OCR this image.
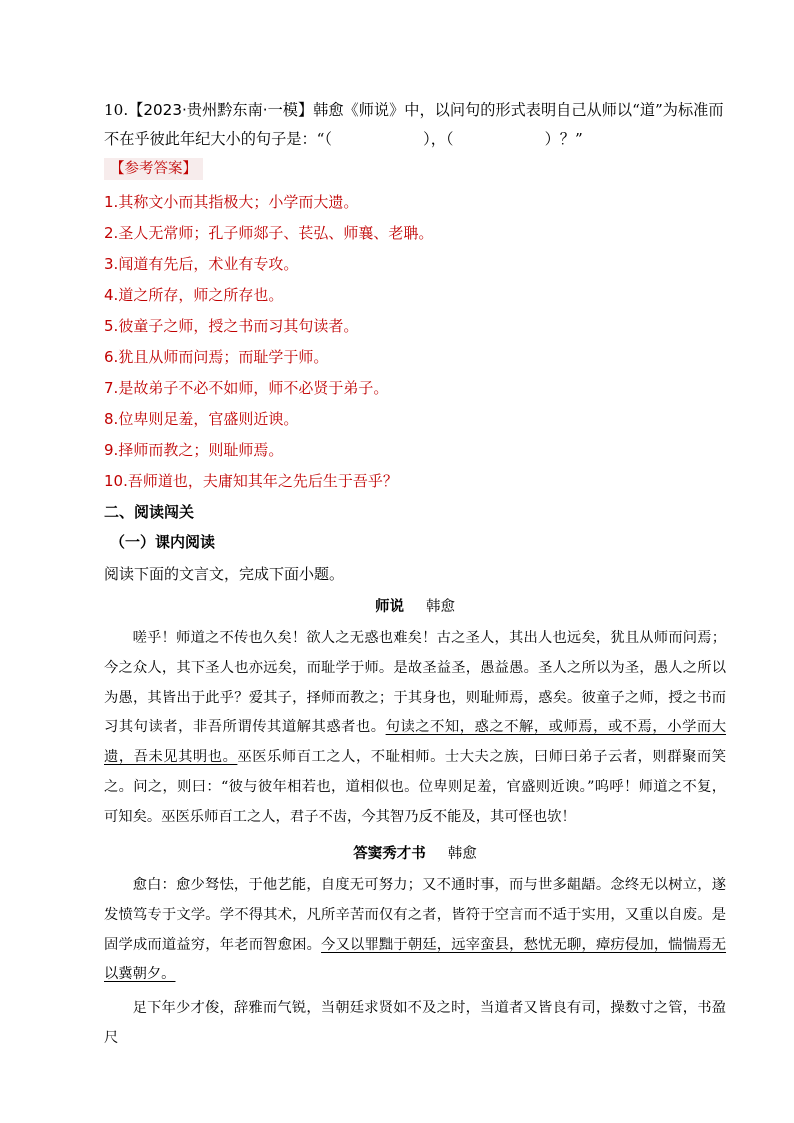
10.【2023·贵州黔东南·一模】韩愈《师说》中，以问句的形式表明自己从师以“道”为标准而不在乎彼此年纪大小的句子是：“（　　　　　　），（　　　　　　）？”
【参考答案】
1.其称文小而其指极大；小学而大遗。
2.圣人无常师；孔子师郯子、苌弘、师襄、老聃。
3.闻道有先后，术业有专攻。
4.道之所存，师之所存也。
5.彼童子之师，授之书而习其句读者。
6.犹且从师而问焉；而耻学于师。
7.是故弟子不必不如师，师不必贤于弟子。
8.位卑则足羞，官盛则近谀。
9.择师而教之；则耻师焉。
10.吾师道也，夫庸知其年之先后生于吾乎？
二、阅读闯关
（一）课内阅读
阅读下面的文言文，完成下面小题。
师说 韩愈
嗟乎！师道之不传也久矣！欲人之无惑也难矣！古之圣人，其出人也远矣，犹且从师而问焉；今之众人，其下圣人也亦远矣，而耻学于师。是故圣益圣，愚益愚。圣人之所以为圣，愚人之所以为愚，其皆出于此乎？爱其子，择师而教之；于其身也，则耻师焉，惑矣。彼童子之师，授之书而习其句读者，非吾所谓传其道解其惑者也。句读之不知，惑之不解，或师焉，或不焉，小学而大遗，吾未见其明也。巫医乐师百工之人，不耻相师。士大夫之族，曰师曰弟子云者，则群聚而笑之。问之，则曰：“彼与彼年相若也，道相似也。位卑则足羞，官盛则近谀。”呜呼！师道之不复，可知矣。巫医乐师百工之人，君子不齿，今其智乃反不能及，其可怪也欤！
答窦秀才书 韩愈
愈白：愈少驽怯，于他艺能，自度无可努力；又不通时事，而与世多龃龉。念终无以树立，遂发愤笃专于文学。学不得其术，凡所辛苦而仅有之者，皆符于空言而不适于实用，又重以自废。是固学成而道益穷，年老而智愈困。今又以罪黜于朝廷，远宰蛮县，愁忧无聊，瘴疠侵加，惴惴焉无以冀朝夕。
足下年少才俊，辞雅而气锐，当朝廷求贤如不及之时，当道者又皆良有司，操数寸之管，书盈尺
